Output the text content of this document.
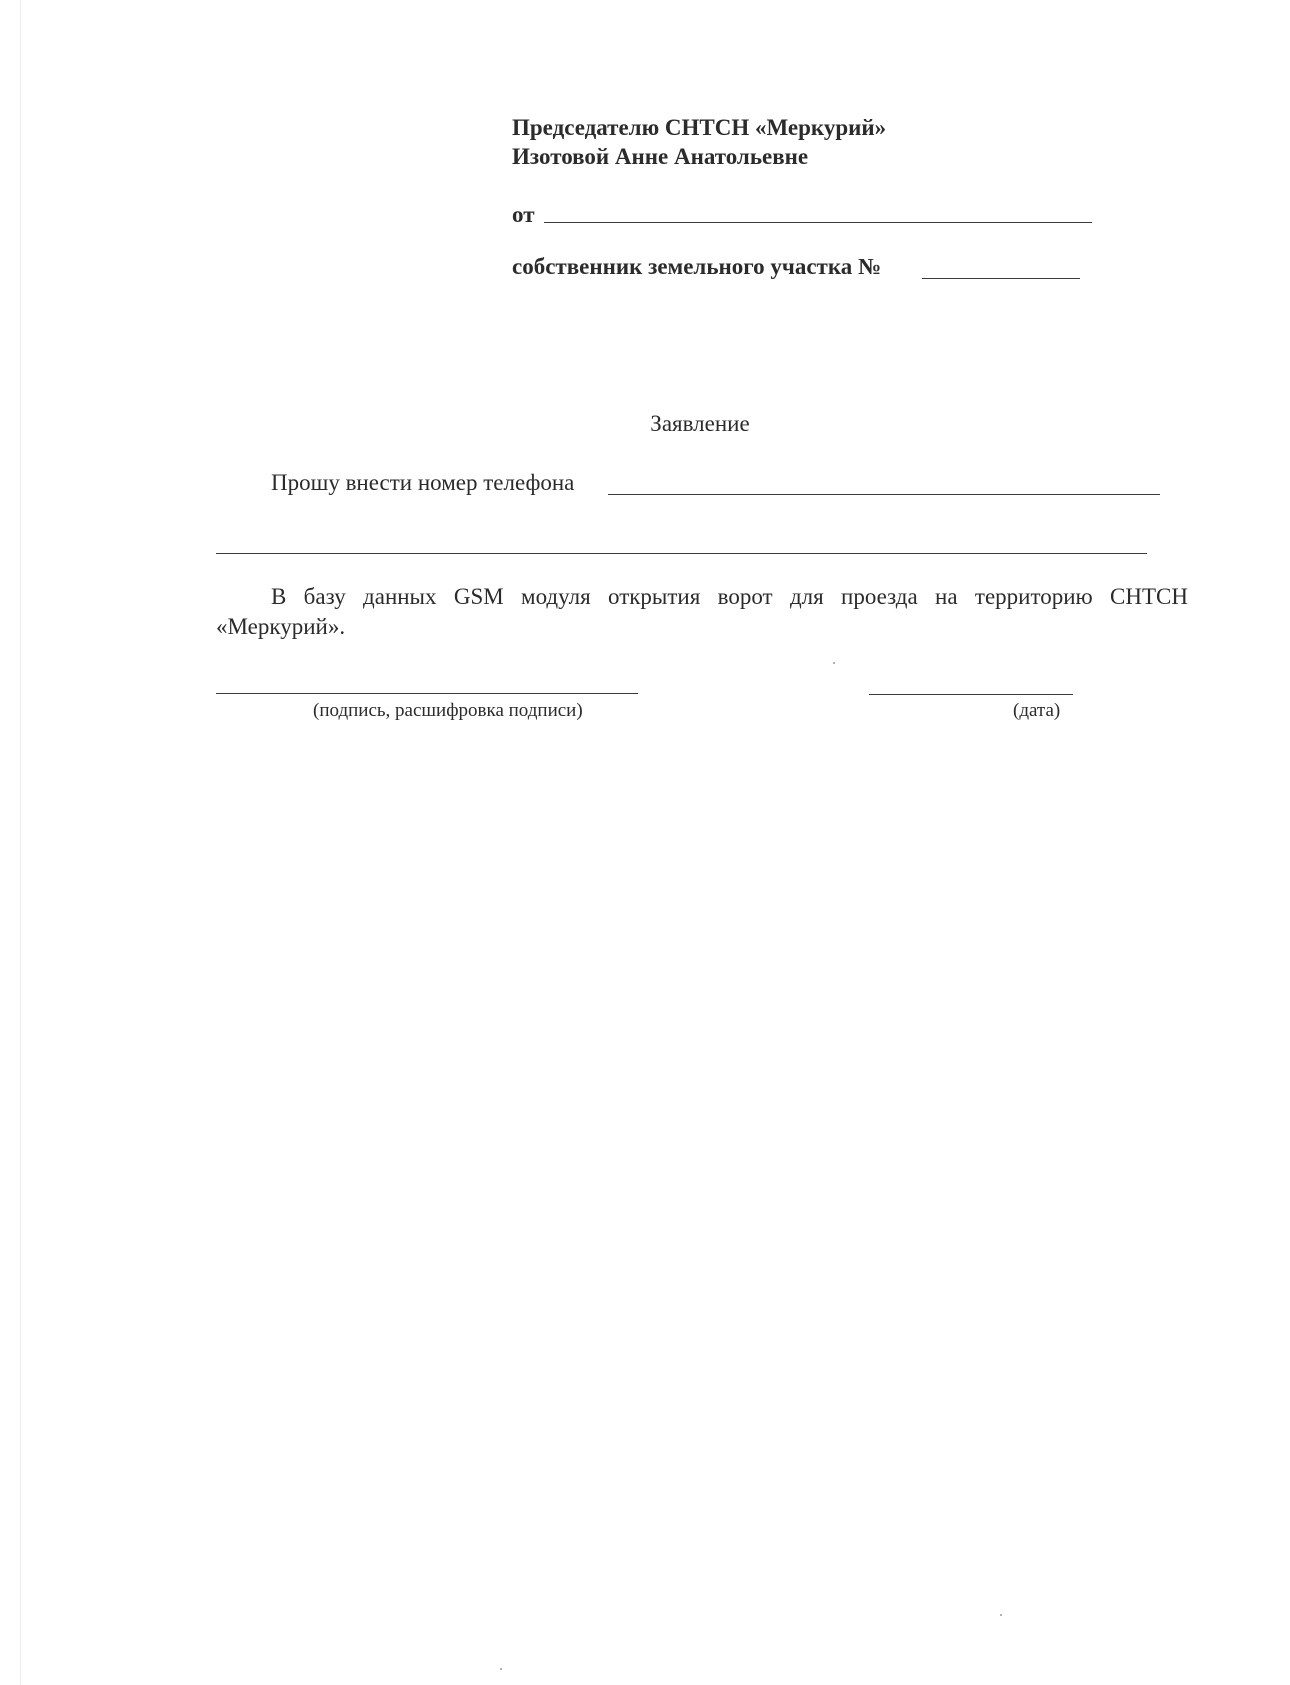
Председателю СНТСН «Меркурий»
Изотовой Анне Анатольевне
от
собственник земельного участка №
Заявление
Прошу внести номер телефона
В базу данных GSM модуля открытия ворот для проезда на территорию СНТСН
«Меркурий».
(подпись, расшифровка подписи)	(дата)
